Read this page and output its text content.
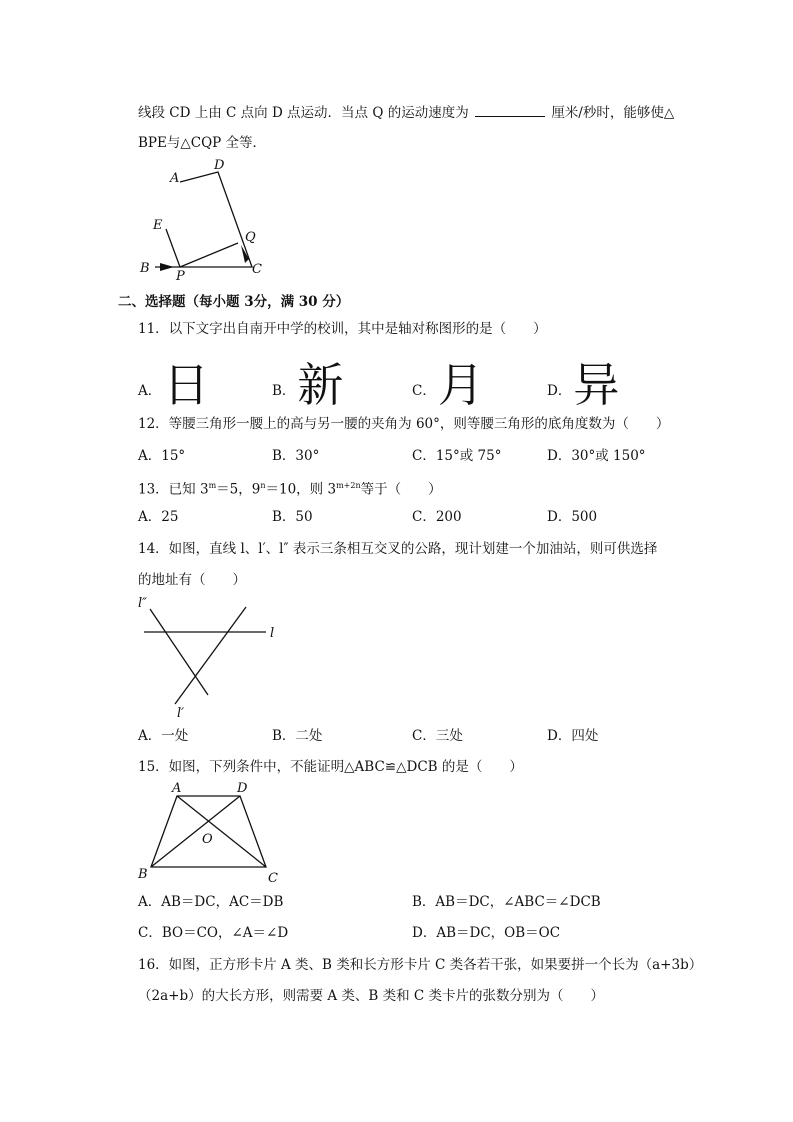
线段 CD 上由 C 点向 D 点运动．当点 Q 的运动速度为	厘米/秒时，能够使△
BPE与△CQP 全等．
A
D
E
Q
B
P	C
二、选择题（每小题 3分，满 30 分）
11．以下文字出自南开中学的校训，其中是轴对称图形的是（　　）
A．日	B．新	C．月	D．异
12．等腰三角形一腰上的高与另一腰的夹角为 60°，则等腰三角形的底角度数为（　　）
A．15°	B．30°	C．15°或 75°	D．30°或 150°
13．已知 $3^m=5$，$9^n=10$，则 $3^{m+2n}$等于（　　）
A．25	B．50	C．200	D．500
14．如图，直线 l、l′、l″ 表示三条相互交叉的公路，现计划建一个加油站，则可供选择
的地址有（　　）
l″
l
l′
A．一处	B．二处	C．三处	D．四处
15．如图，下列条件中，不能证明△ABC≌△DCB 的是（　　）
A	D
O
B	C
A．AB＝DC，AC＝DB	B．AB＝DC，∠ABC＝∠DCB
C．BO＝CO，∠A＝∠D	D．AB＝DC，OB＝OC
16．如图，正方形卡片 A 类、B 类和长方形卡片 C 类各若干张，如果要拼一个长为（a+3b）
（2a+b）的大长方形，则需要 A 类、B 类和 C 类卡片的张数分别为（　　）
